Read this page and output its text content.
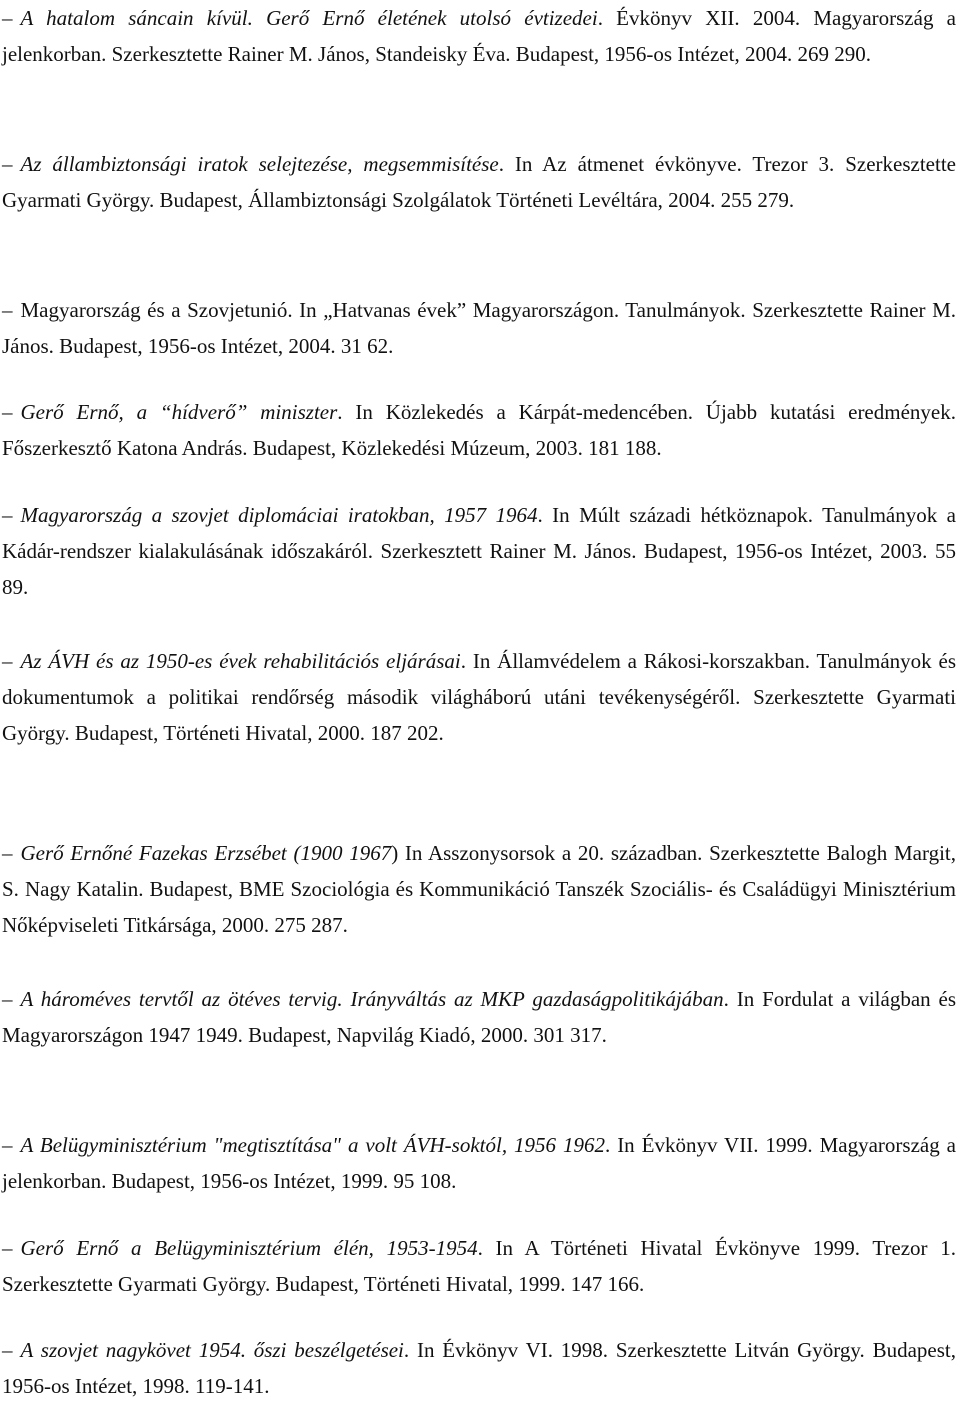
– A hatalom sáncain kívül. Gerő Ernő életének utolsó évtizedei. Évkönyv XII. 2004. Magyarország a jelenkorban. Szerkesztette Rainer M. János, Standeisky Éva. Budapest, 1956-os Intézet, 2004. 269 290.
– Az állambiztonsági iratok selejtezése, megsemmisítése. In Az átmenet évkönyve. Trezor 3. Szerkesztette Gyarmati György. Budapest, Állambiztonsági Szolgálatok Történeti Levéltára, 2004. 255 279.
– Magyarország és a Szovjetunió. In „Hatvanas évek” Magyarországon. Tanulmányok. Szerkesztette Rainer M. János. Budapest, 1956-os Intézet, 2004. 31 62.
– Gerő Ernő, a “hídverő” miniszter. In Közlekedés a Kárpát-medencében. Újabb kutatási eredmények. Főszerkesztő Katona András. Budapest, Közlekedési Múzeum, 2003. 181 188.
– Magyarország a szovjet diplomáciai iratokban, 1957 1964. In Múlt századi hétköznapok. Tanulmányok a Kádár-rendszer kialakulásának időszakáról. Szerkesztett Rainer M. János. Budapest, 1956-os Intézet, 2003. 55 89.
– Az ÁVH és az 1950-es évek rehabilitációs eljárásai. In Államvédelem a Rákosi-korszakban. Tanulmányok és dokumentumok a politikai rendőrség második világháború utáni tevékenységéről. Szerkesztette Gyarmati György. Budapest, Történeti Hivatal, 2000. 187 202.
– Gerő Ernőné Fazekas Erzsébet (1900 1967) In Asszonysorsok a 20. században. Szerkesztette Balogh Margit, S. Nagy Katalin. Budapest, BME Szociológia és Kommunikáció Tanszék Szociális- és Családügyi Minisztérium Nőképviseleti Titkársága, 2000. 275 287.
– A hároméves tervtől az ötéves tervig. Irányváltás az MKP gazdaságpolitikájában. In Fordulat a világban és Magyarországon 1947 1949. Budapest, Napvilág Kiadó, 2000. 301 317.
– A Belügyminisztérium "megtisztítása" a volt ÁVH-soktól, 1956 1962. In Évkönyv VII. 1999. Magyarország a jelenkorban. Budapest, 1956-os Intézet, 1999. 95 108.
– Gerő Ernő a Belügyminisztérium élén, 1953-1954. In A Történeti Hivatal Évkönyve 1999. Trezor 1. Szerkesztette Gyarmati György. Budapest, Történeti Hivatal, 1999. 147 166.
– A szovjet nagykövet 1954. őszi beszélgetései. In Évkönyv VI. 1998. Szerkesztette Litván György. Budapest, 1956-os Intézet, 1998. 119-141.
